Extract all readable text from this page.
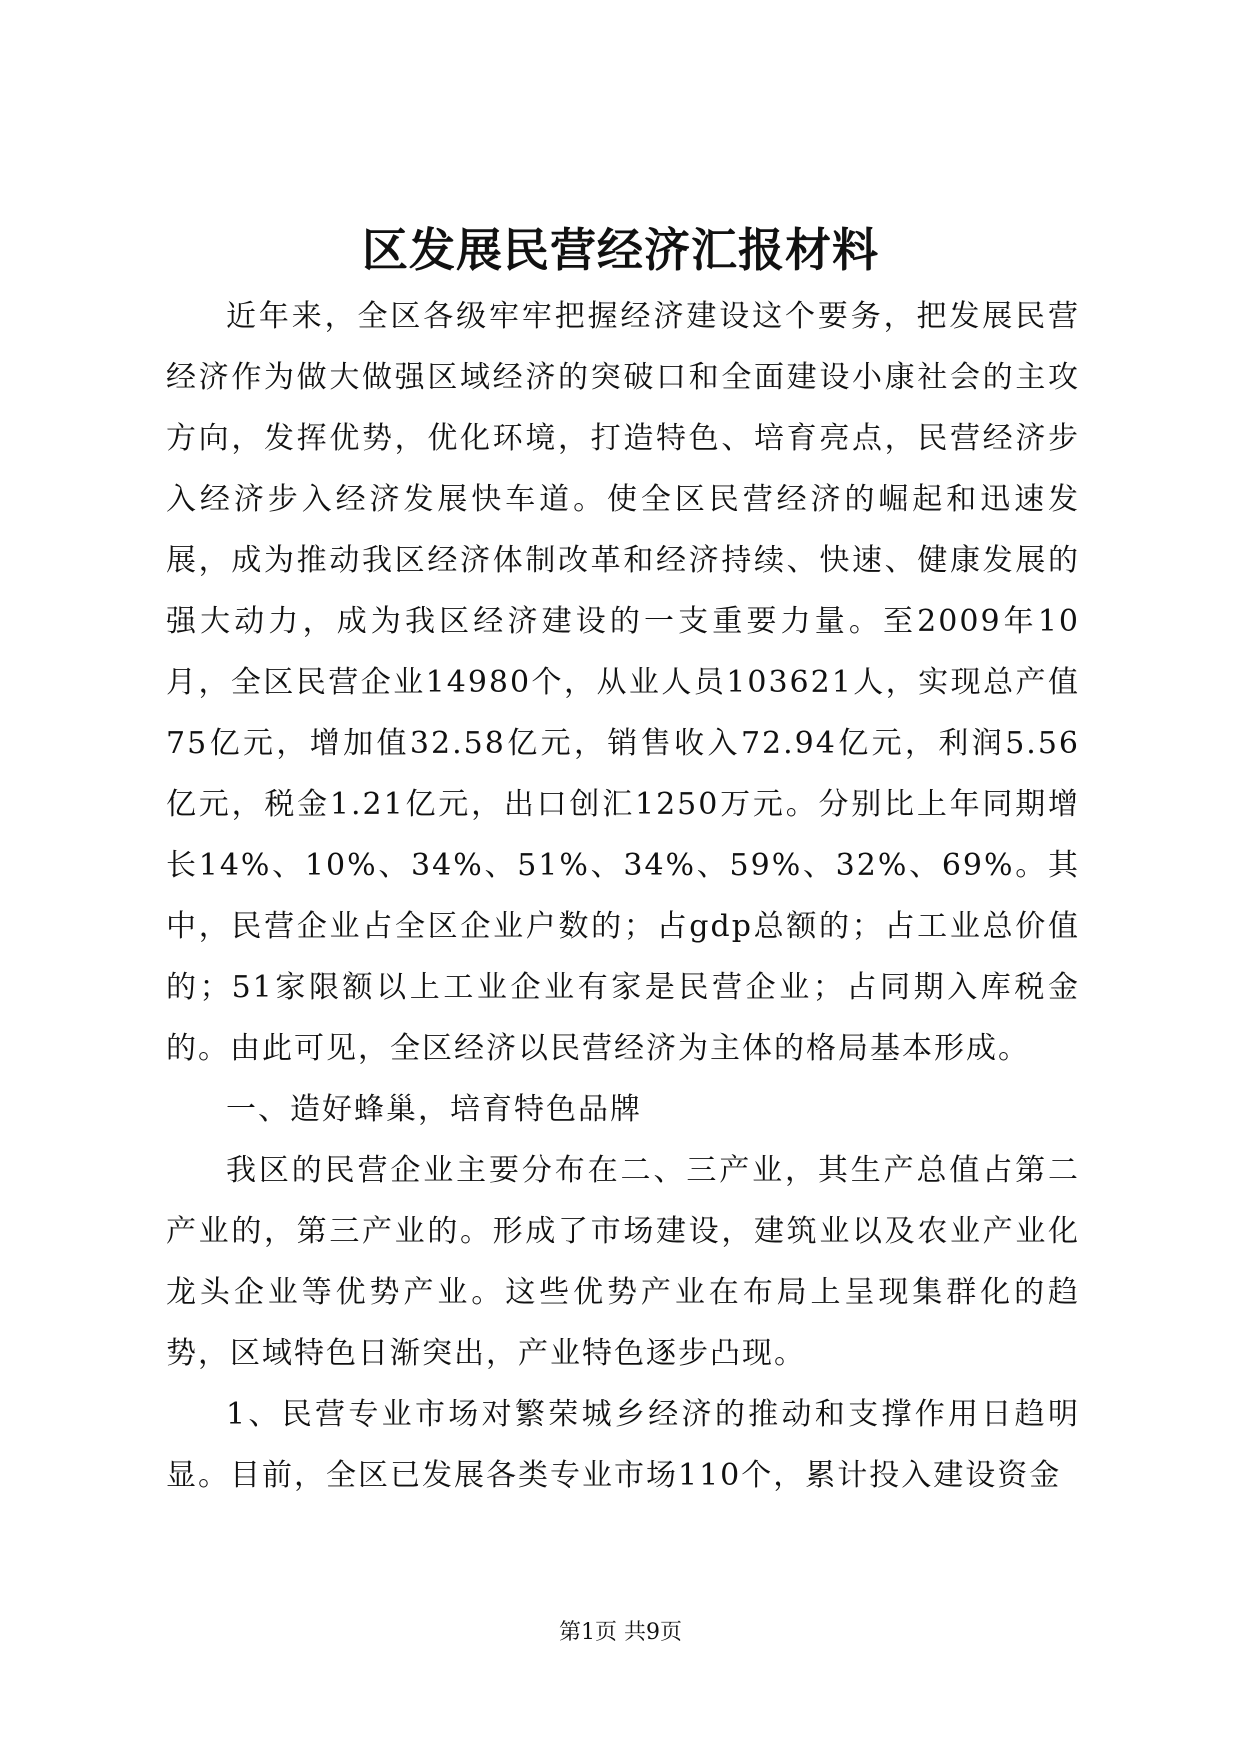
区发展民营经济汇报材料

近年来，全区各级牢牢把握经济建设这个要务，把发展民营经济作为做大做强区域经济的突破口和全面建设小康社会的主攻方向，发挥优势，优化环境，打造特色、培育亮点，民营经济步入经济步入经济发展快车道。使全区民营经济的崛起和迅速发展，成为推动我区经济体制改革和经济持续、快速、健康发展的强大动力，成为我区经济建设的一支重要力量。至2009年10月，全区民营企业14980个，从业人员103621人，实现总产值75亿元，增加值32.58亿元，销售收入72.94亿元，利润5.56亿元，税金1.21亿元，出口创汇1250万元。分别比上年同期增长14%、10%、34%、51%、34%、59%、32%、69%。其中，民营企业占全区企业户数的；占gdp总额的；占工业总价值的；51家限额以上工业企业有家是民营企业；占同期入库税金的。由此可见，全区经济以民营经济为主体的格局基本形成。

一、造好蜂巢，培育特色品牌

我区的民营企业主要分布在二、三产业，其生产总值占第二产业的，第三产业的。形成了市场建设，建筑业以及农业产业化龙头企业等优势产业。这些优势产业在布局上呈现集群化的趋势，区域特色日渐突出，产业特色逐步凸现。

1、民营专业市场对繁荣城乡经济的推动和支撑作用日趋明显。目前，全区已发展各类专业市场110个，累计投入建设资金

第1页 共9页
